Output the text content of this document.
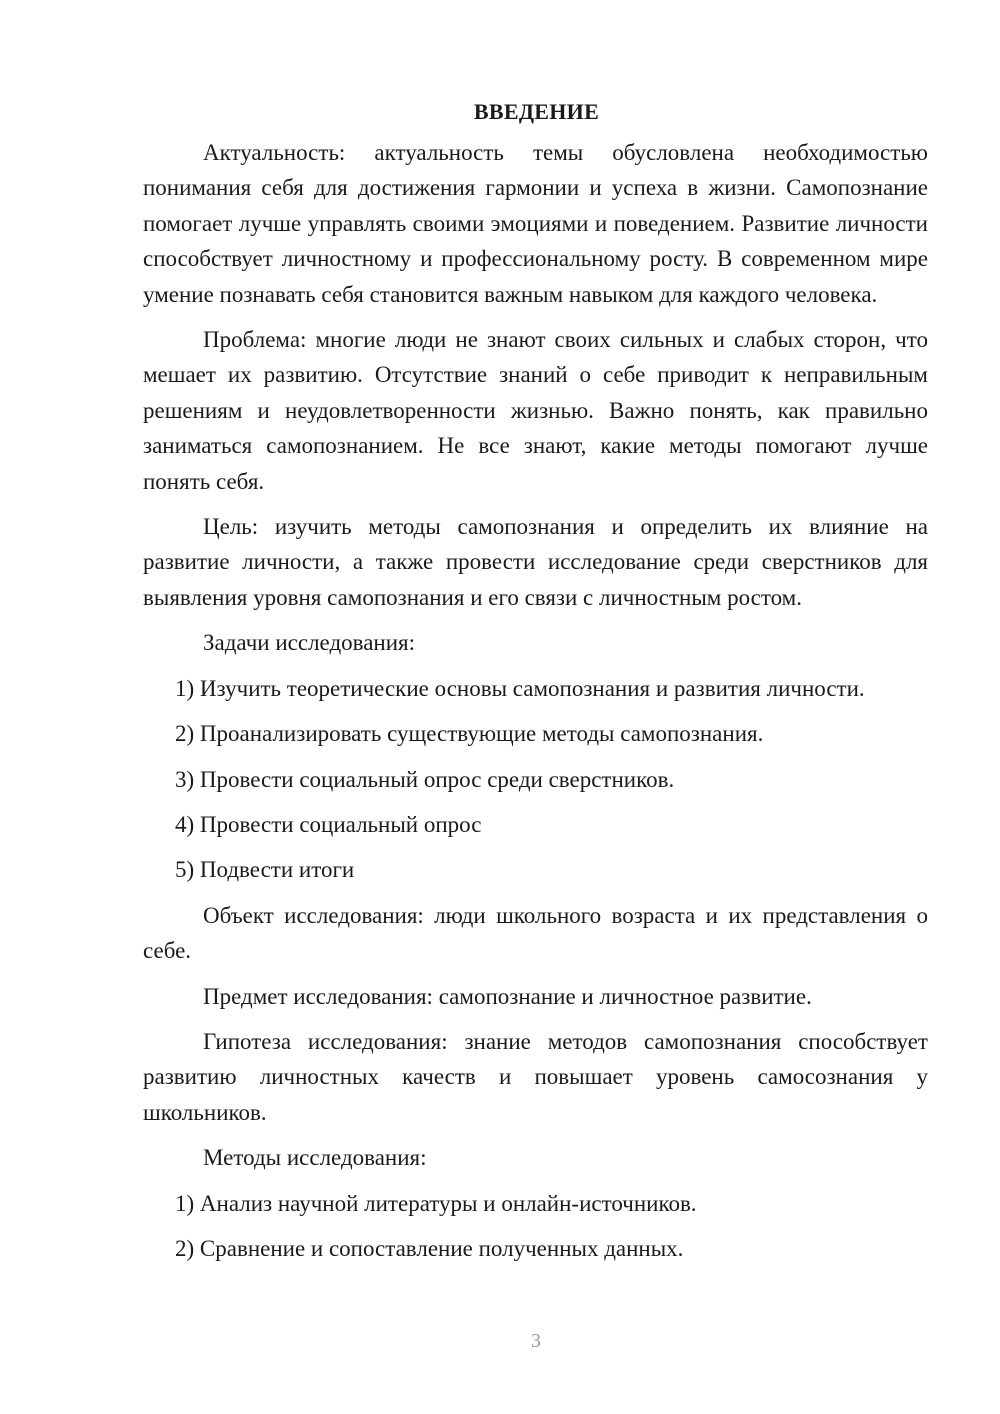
ВВЕДЕНИЕ

Актуальность: актуальность темы обусловлена необходимостью понимания себя для достижения гармонии и успеха в жизни. Самопознание помогает лучше управлять своими эмоциями и поведением. Развитие личности способствует личностному и профессиональному росту. В современном мире умение познавать себя становится важным навыком для каждого человека.

Проблема: многие люди не знают своих сильных и слабых сторон, что мешает их развитию. Отсутствие знаний о себе приводит к неправильным решениям и неудовлетворенности жизнью. Важно понять, как правильно заниматься самопознанием. Не все знают, какие методы помогают лучше понять себя.

Цель: изучить методы самопознания и определить их влияние на развитие личности, а также провести исследование среди сверстников для выявления уровня самопознания и его связи с личностным ростом.

Задачи исследования:

1) Изучить теоретические основы самопознания и развития личности.
2) Проанализировать существующие методы самопознания.
3) Провести социальный опрос среди сверстников.
4) Провести социальный опрос
5) Подвести итоги

Объект исследования: люди школьного возраста и их представления о себе.

Предмет исследования: самопознание и личностное развитие.

Гипотеза исследования: знание методов самопознания способствует развитию личностных качеств и повышает уровень самосознания у школьников.

Методы исследования:

1) Анализ научной литературы и онлайн-источников.
2) Сравнение и сопоставление полученных данных.
3
